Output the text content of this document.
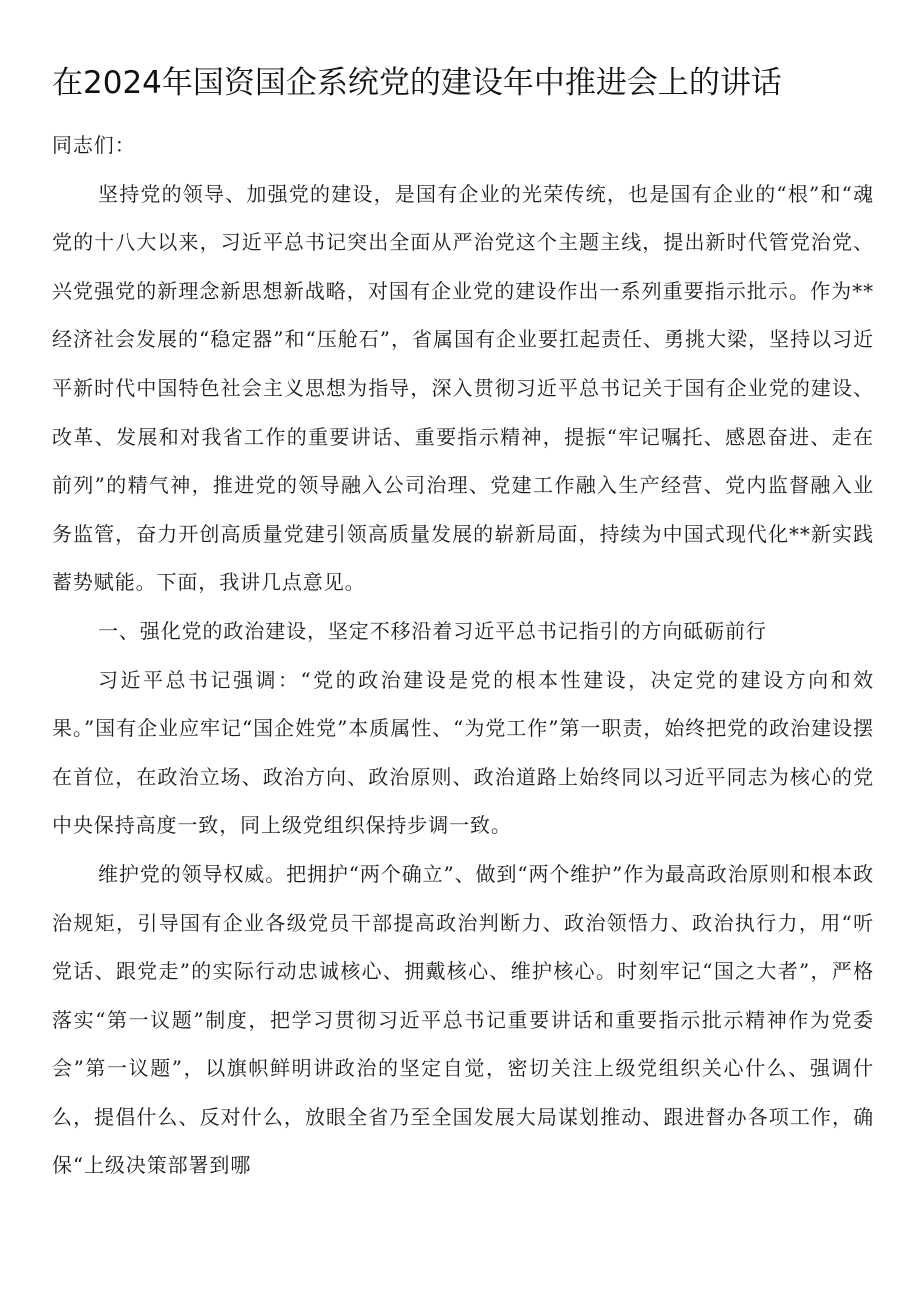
在2024年国资国企系统党的建设年中推进会上的讲话

同志们：

坚持党的领导、加强党的建设，是国有企业的光荣传统，也是国有企业的“根”和“魂党的十八大以来，习近平总书记突出全面从严治党这个主题主线，提出新时代管党治党、兴党强党的新理念新思想新战略，对国有企业党的建设作出一系列重要指示批示。作为**经济社会发展的“稳定器”和“压舱石”，省属国有企业要扛起责任、勇挑大梁，坚持以习近平新时代中国特色社会主义思想为指导，深入贯彻习近平总书记关于国有企业党的建设、改革、发展和对我省工作的重要讲话、重要指示精神，提振“牢记嘱托、感恩奋进、走在前列”的精气神，推进党的领导融入公司治理、党建工作融入生产经营、党内监督融入业务监管，奋力开创高质量党建引领高质量发展的崭新局面，持续为中国式现代化**新实践蓄势赋能。下面，我讲几点意见。

一、强化党的政治建设，坚定不移沿着习近平总书记指引的方向砥砺前行

习近平总书记强调：“党的政治建设是党的根本性建设，决定党的建设方向和效果。”国有企业应牢记“国企姓党”本质属性、“为党工作”第一职责，始终把党的政治建设摆在首位，在政治立场、政治方向、政治原则、政治道路上始终同以习近平同志为核心的党中央保持高度一致，同上级党组织保持步调一致。

维护党的领导权威。把拥护“两个确立”、做到“两个维护”作为最高政治原则和根本政治规矩，引导国有企业各级党员干部提高政治判断力、政治领悟力、政治执行力，用“听党话、跟党走”的实际行动忠诚核心、拥戴核心、维护核心。时刻牢记“国之大者”，严格落实“第一议题”制度，把学习贯彻习近平总书记重要讲话和重要指示批示精神作为党委会”第一议题”，以旗帜鲜明讲政治的坚定自觉，密切关注上级党组织关心什么、强调什么，提倡什么、反对什么，放眼全省乃至全国发展大局谋划推动、跟进督办各项工作，确保“上级决策部署到哪
